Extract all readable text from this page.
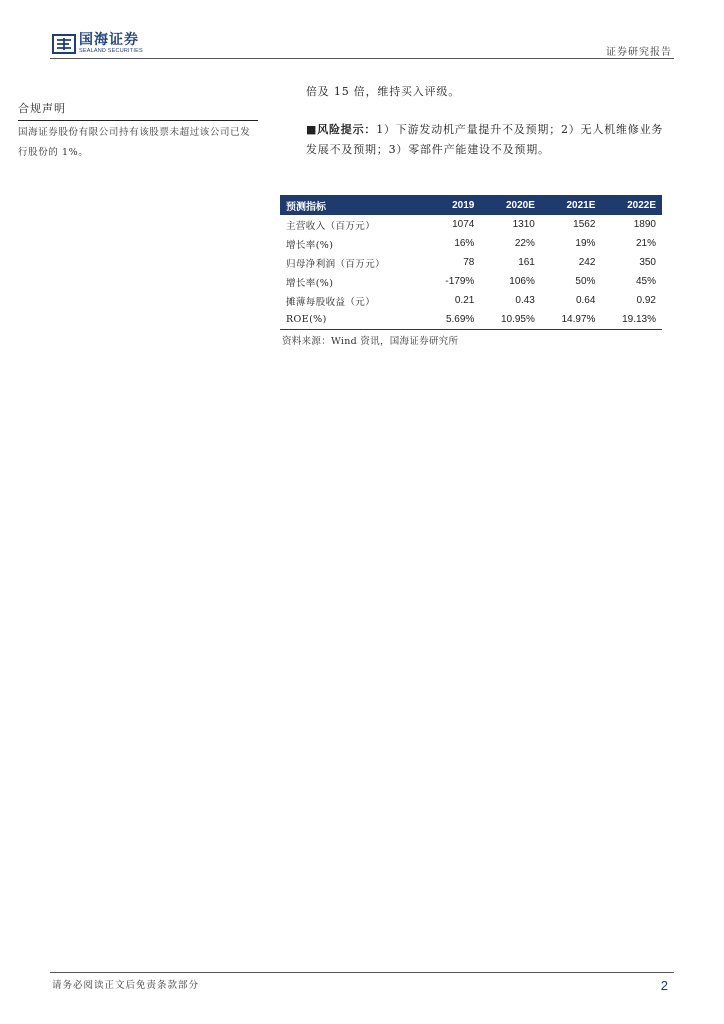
国海证券
SEALAND SECURITIES	证券研究报告
合规声明
国海证券股份有限公司持有该股票未超过该公司已发行股份的 1%。

倍及 15 倍，维持买入评级。

■风险提示：1）下游发动机产量提升不及预期；2）无人机维修业务发展不及预期；3）零部件产能建设不及预期。

预测指标	2019	2020E	2021E	2022E
主营收入（百万元）	1074	1310	1562	1890
增长率(%)	16%	22%	19%	21%
归母净利润（百万元）	78	161	242	350
增长率(%)	-179%	106%	50%	45%
摊薄每股收益（元）	0.21	0.43	0.64	0.92
ROE(%)	5.69%	10.95%	14.97%	19.13%
资料来源：Wind 资讯，国海证券研究所
请务必阅读正文后免责条款部分	2
